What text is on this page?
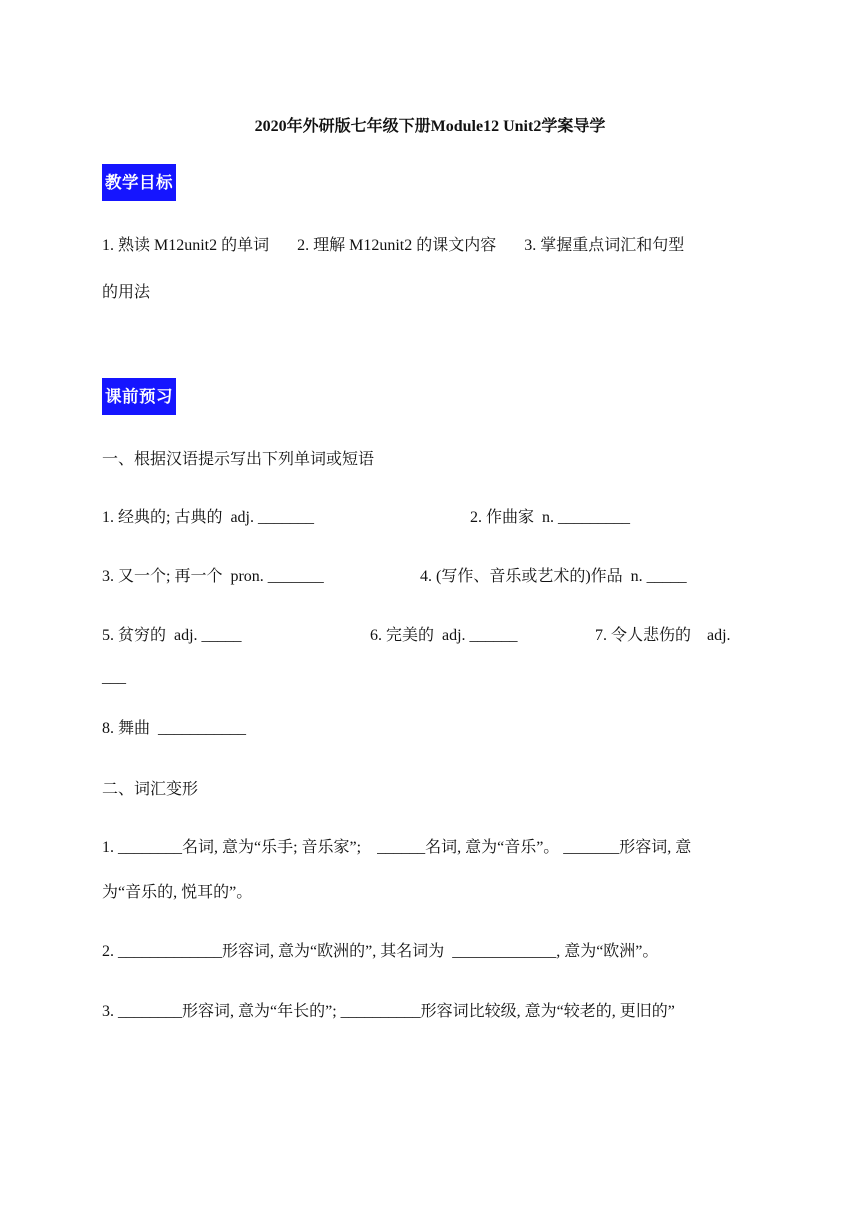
2020年外研版七年级下册Module12 Unit2学案导学
教学目标
1. 熟读 M12unit2 的单词       2. 理解 M12unit2 的课文内容       3. 掌握重点词汇和句型
的用法
课前预习
一、根据汉语提示写出下列单词或短语
1. 经典的; 古典的  adj. _______	2. 作曲家  n. _________
3. 又一个; 再一个  pron. _______	4. (写作、音乐或艺术的)作品  n. _____
5. 贫穷的  adj. _____	6. 完美的  adj. ______	7. 令人悲伤的    adj.
___
8. 舞曲  ___________
二、词汇变形
1. ________名词, 意为“乐手; 音乐家”;    ______名词, 意为“音乐”。 _______形容词, 意
为“音乐的, 悦耳的”。
2. _____________形容词, 意为“欧洲的”, 其名词为  _____________, 意为“欧洲”。
3. ________形容词, 意为“年长的”; __________形容词比较级, 意为“较老的, 更旧的”
